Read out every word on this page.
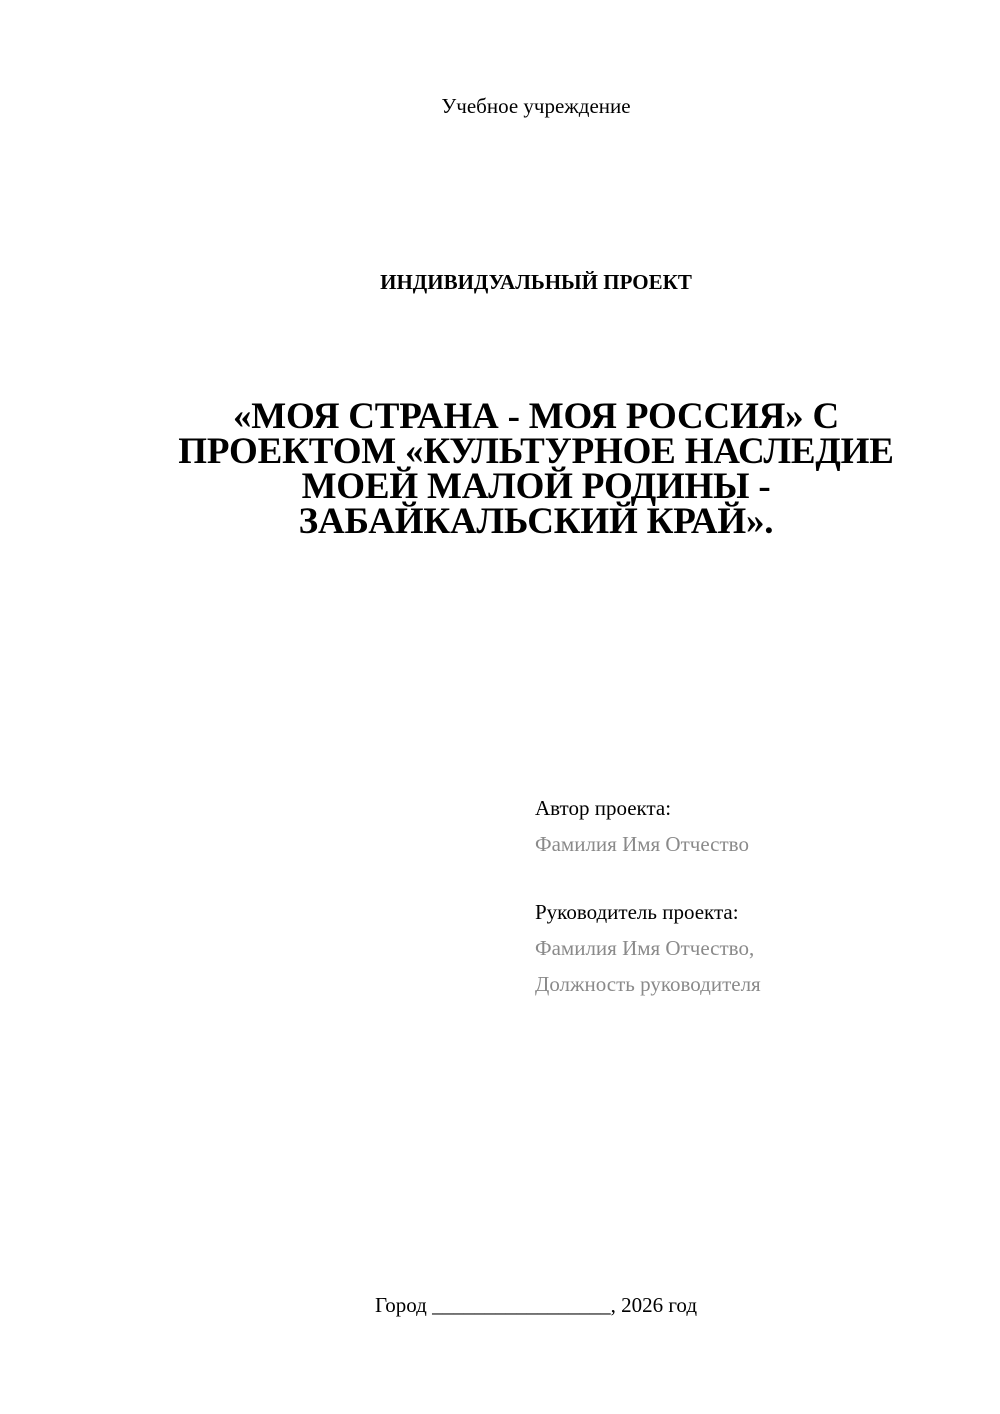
Учебное учреждение
ИНДИВИДУАЛЬНЫЙ ПРОЕКТ
«МОЯ СТРАНА - МОЯ РОССИЯ» С
ПРОЕКТОМ «КУЛЬТУРНОЕ НАСЛЕДИЕ
МОЕЙ МАЛОЙ РОДИНЫ -
ЗАБАЙКАЛЬСКИЙ КРАЙ».
Автор проекта:
Фамилия Имя Отчество
Руководитель проекта:
Фамилия Имя Отчество,
Должность руководителя
Город _________________, 2026 год
